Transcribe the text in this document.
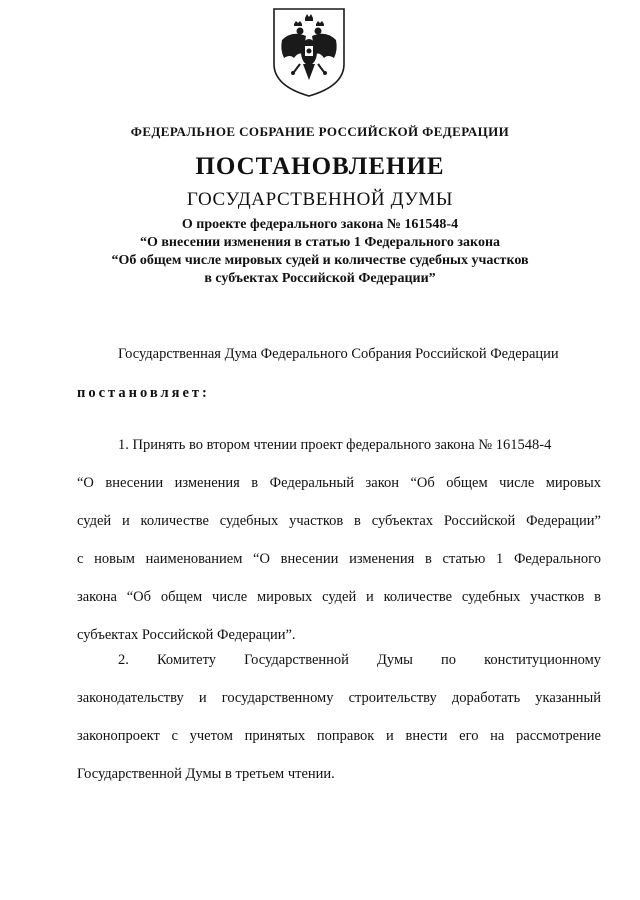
ФЕДЕРАЛЬНОЕ СОБРАНИЕ РОССИЙСКОЙ ФЕДЕРАЦИИ
ПОСТАНОВЛЕНИЕ
ГОСУДАРСТВЕННОЙ ДУМЫ
О проекте федерального закона № 161548-4
“О внесении изменения в статью 1 Федерального закона
“Об общем числе мировых судей и количестве судебных участков
в субъектах Российской Федерации”
Государственная Дума Федерального Собрания Российской Федерации
постановляет:
1. Принять во втором чтении проект федерального закона № 161548-4
“О внесении изменения в Федеральный закон “Об общем числе мировых
судей и количестве судебных участков в субъектах Российской Федерации”
с новым наименованием “О внесении изменения в статью 1 Федерального
закона “Об общем числе мировых судей и количестве судебных участков в
субъектах Российской Федерации”.
2. Комитету Государственной Думы по конституционному
законодательству и государственному строительству доработать указанный
законопроект с учетом принятых поправок и внести его на рассмотрение
Государственной Думы в третьем чтении.
